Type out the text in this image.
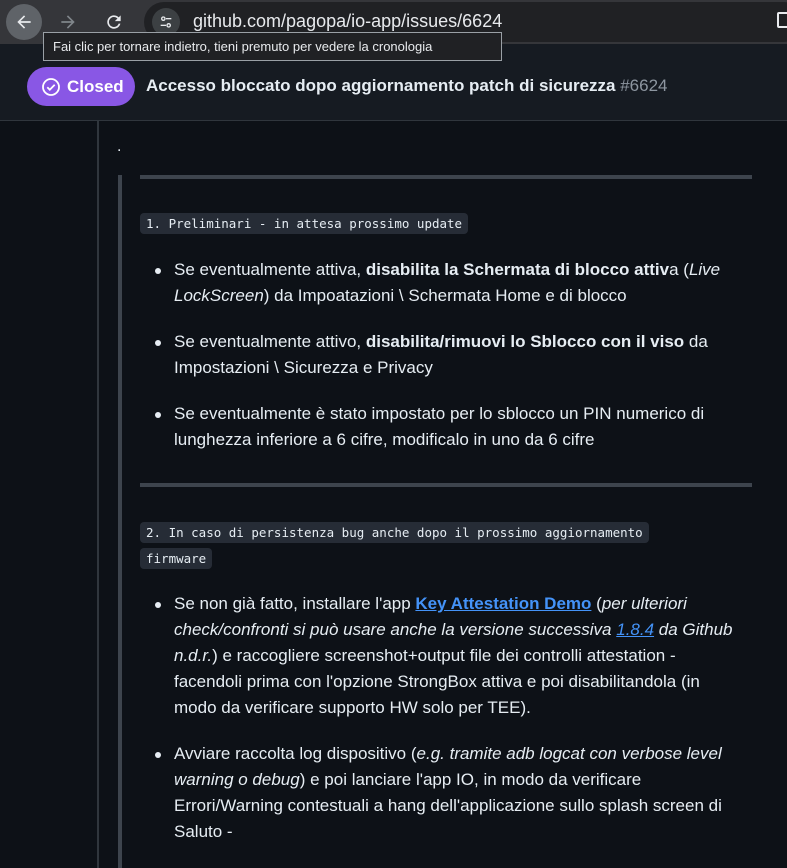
github.com/pagopa/io-app/issues/6624
Closed Accesso bloccato dopo aggiornamento patch di sicurezza #6624
Fai clic per tornare indietro, tieni premuto per vedere la cronologia
.
1. Preliminari - in attesa prossimo update
Se eventualmente attiva, disabilita la Schermata di blocco attiva (Live LockScreen) da Impoatazioni \ Schermata Home e di blocco
Se eventualmente attivo, disabilita/rimuovi lo Sblocco con il viso da Impostazioni \ Sicurezza e Privacy
Se eventualmente è stato impostato per lo sblocco un PIN numerico di lunghezza inferiore a 6 cifre, modificalo in uno da 6 cifre
2. In caso di persistenza bug anche dopo il prossimo aggiornamento
firmware
Se non già fatto, installare l'app Key Attestation Demo (per ulteriori check/confronti si può usare anche la versione successiva 1.8.4 da Github n.d.r.) e raccogliere screenshot+output file dei controlli attestation - facendoli prima con l'opzione StrongBox attiva e poi disabilitandola (in modo da verificare supporto HW solo per TEE).
Avviare raccolta log dispositivo (e.g. tramite adb logcat con verbose level warning o debug) e poi lanciare l'app IO, in modo da verificare Errori/Warning contestuali a hang dell'applicazione sullo splash screen di Saluto -
